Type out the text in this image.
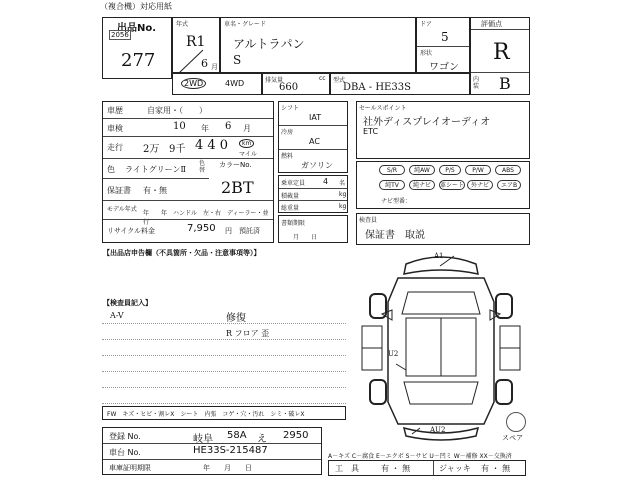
（複合機）対応用紙
出品No.
2056
277
年式
R1
6 月
車名・グレード
アルトラパン
S
ドア
5
形状
ワゴン
評価点
R
内 装 B
2WD	4WD	排気量
660
cc 型式
DBA - HE33S
車歴	自家用・（　　）
車検	10 年 6 月
走行 2万 9千 4 4 0	km
マイル
色 ライトグリーンⅡ
色替
カラーNo.
保証書 有・無	2BT
モデル年式
年　　年　ハンドル　左・右　ディーラー・並行
リサイクル料金	7,950 円　預託済
シフト
IAT
冷房
AC
燃料
ガソリン
乗車定員 4 名
積載量	kg
総重量	kg
書類期限
月　　日
セールスポイント
社外ディスプレイオーディオ
ETC
S/R	純AW	P/S	P/W	ABS
純TV	純ナビ	革シート	外ナビ	エアB
ナビ型番：
検査員
保証書　取説
【出品店申告欄（不具箇所・欠品・注意事項等）】
【検査員記入】
A-V	修復
R フロア 歪
FW　キズ・ヒビ・割レX　シート　内張　コゲ・穴・汚れ　シミ・破レX
A1
U2
AU2
スペア
登録 No.	岐阜 58A え 2950
車台 No.	HE33S-215487
車庫証明期限	年　　月　　日
A－キズ C－腐食 E－エクボ S－サビ U－凹ミ W－補修 XX－交換済
工　具	有 ・ 無	ジャッキ 有 ・ 無
